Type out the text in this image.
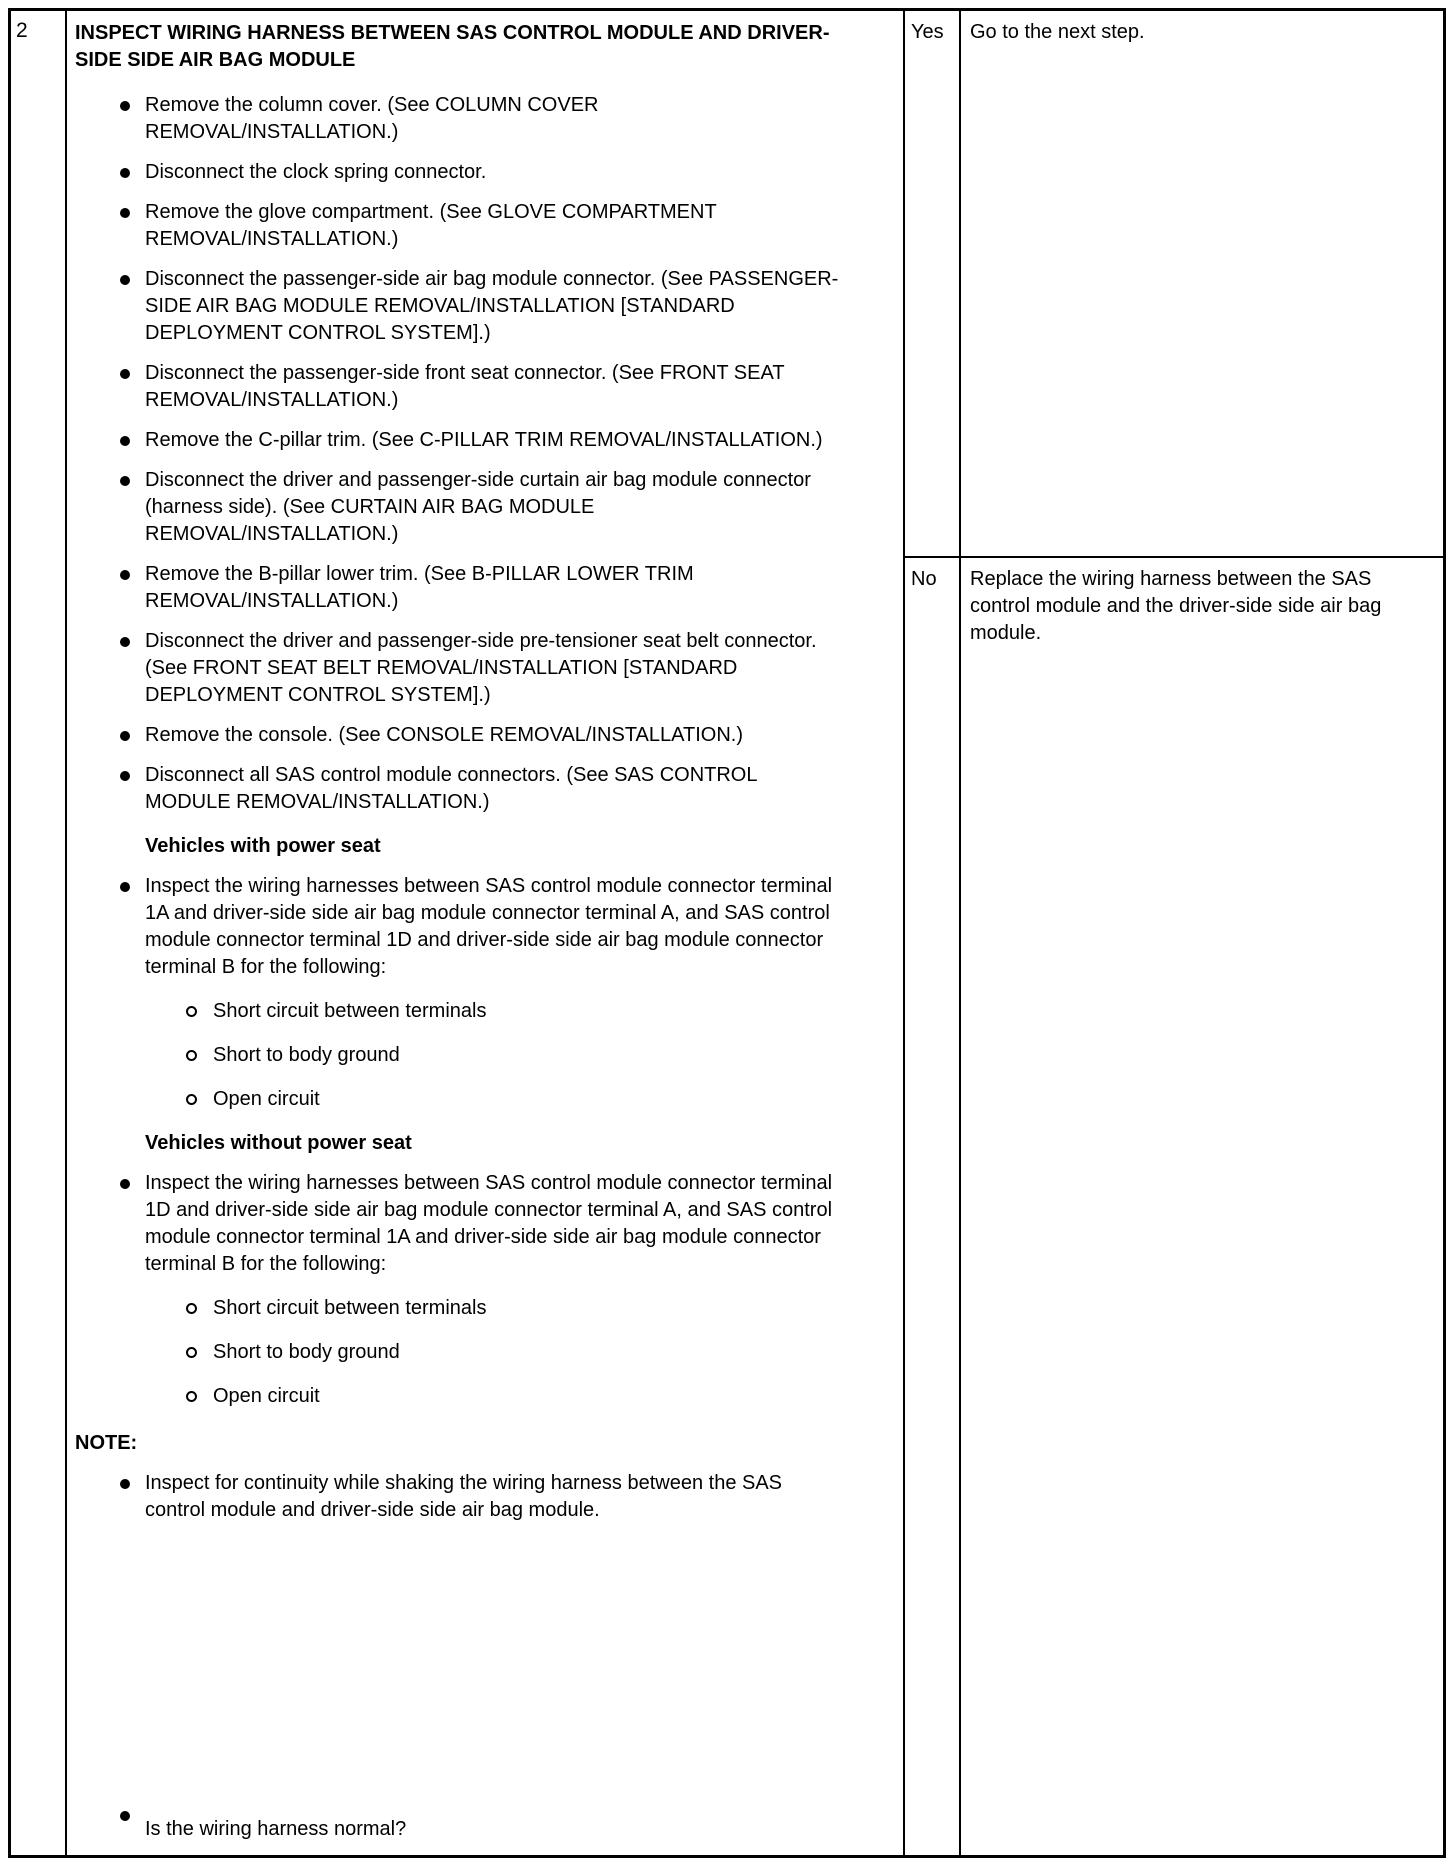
2	INSPECT WIRING HARNESS BETWEEN SAS CONTROL MODULE AND DRIVER-SIDE SIDE AIR BAG MODULE
Remove the column cover. (See COLUMN COVER REMOVAL/INSTALLATION.)
Disconnect the clock spring connector.
Remove the glove compartment. (See GLOVE COMPARTMENT REMOVAL/INSTALLATION.)
Disconnect the passenger-side air bag module connector. (See PASSENGER-SIDE AIR BAG MODULE REMOVAL/INSTALLATION [STANDARD DEPLOYMENT CONTROL SYSTEM].)
Disconnect the passenger-side front seat connector. (See FRONT SEAT REMOVAL/INSTALLATION.)
Remove the C-pillar trim. (See C-PILLAR TRIM REMOVAL/INSTALLATION.)
Disconnect the driver and passenger-side curtain air bag module connector (harness side). (See CURTAIN AIR BAG MODULE REMOVAL/INSTALLATION.)
Remove the B-pillar lower trim. (See B-PILLAR LOWER TRIM REMOVAL/INSTALLATION.)
Disconnect the driver and passenger-side pre-tensioner seat belt connector. (See FRONT SEAT BELT REMOVAL/INSTALLATION [STANDARD DEPLOYMENT CONTROL SYSTEM].)
Remove the console. (See CONSOLE REMOVAL/INSTALLATION.)
Disconnect all SAS control module connectors. (See SAS CONTROL MODULE REMOVAL/INSTALLATION.)
Vehicles with power seat
Inspect the wiring harnesses between SAS control module connector terminal 1A and driver-side side air bag module connector terminal A, and SAS control module connector terminal 1D and driver-side side air bag module connector terminal B for the following:
Short circuit between terminals
Short to body ground
Open circuit
Vehicles without power seat
Inspect the wiring harnesses between SAS control module connector terminal 1D and driver-side side air bag module connector terminal A, and SAS control module connector terminal 1A and driver-side side air bag module connector terminal B for the following:
Short circuit between terminals
Short to body ground
Open circuit
NOTE:
Inspect for continuity while shaking the wiring harness between the SAS control module and driver-side side air bag module.
Is the wiring harness normal?
Yes	Go to the next step.
No	Replace the wiring harness between the SAS control module and the driver-side side air bag module.
